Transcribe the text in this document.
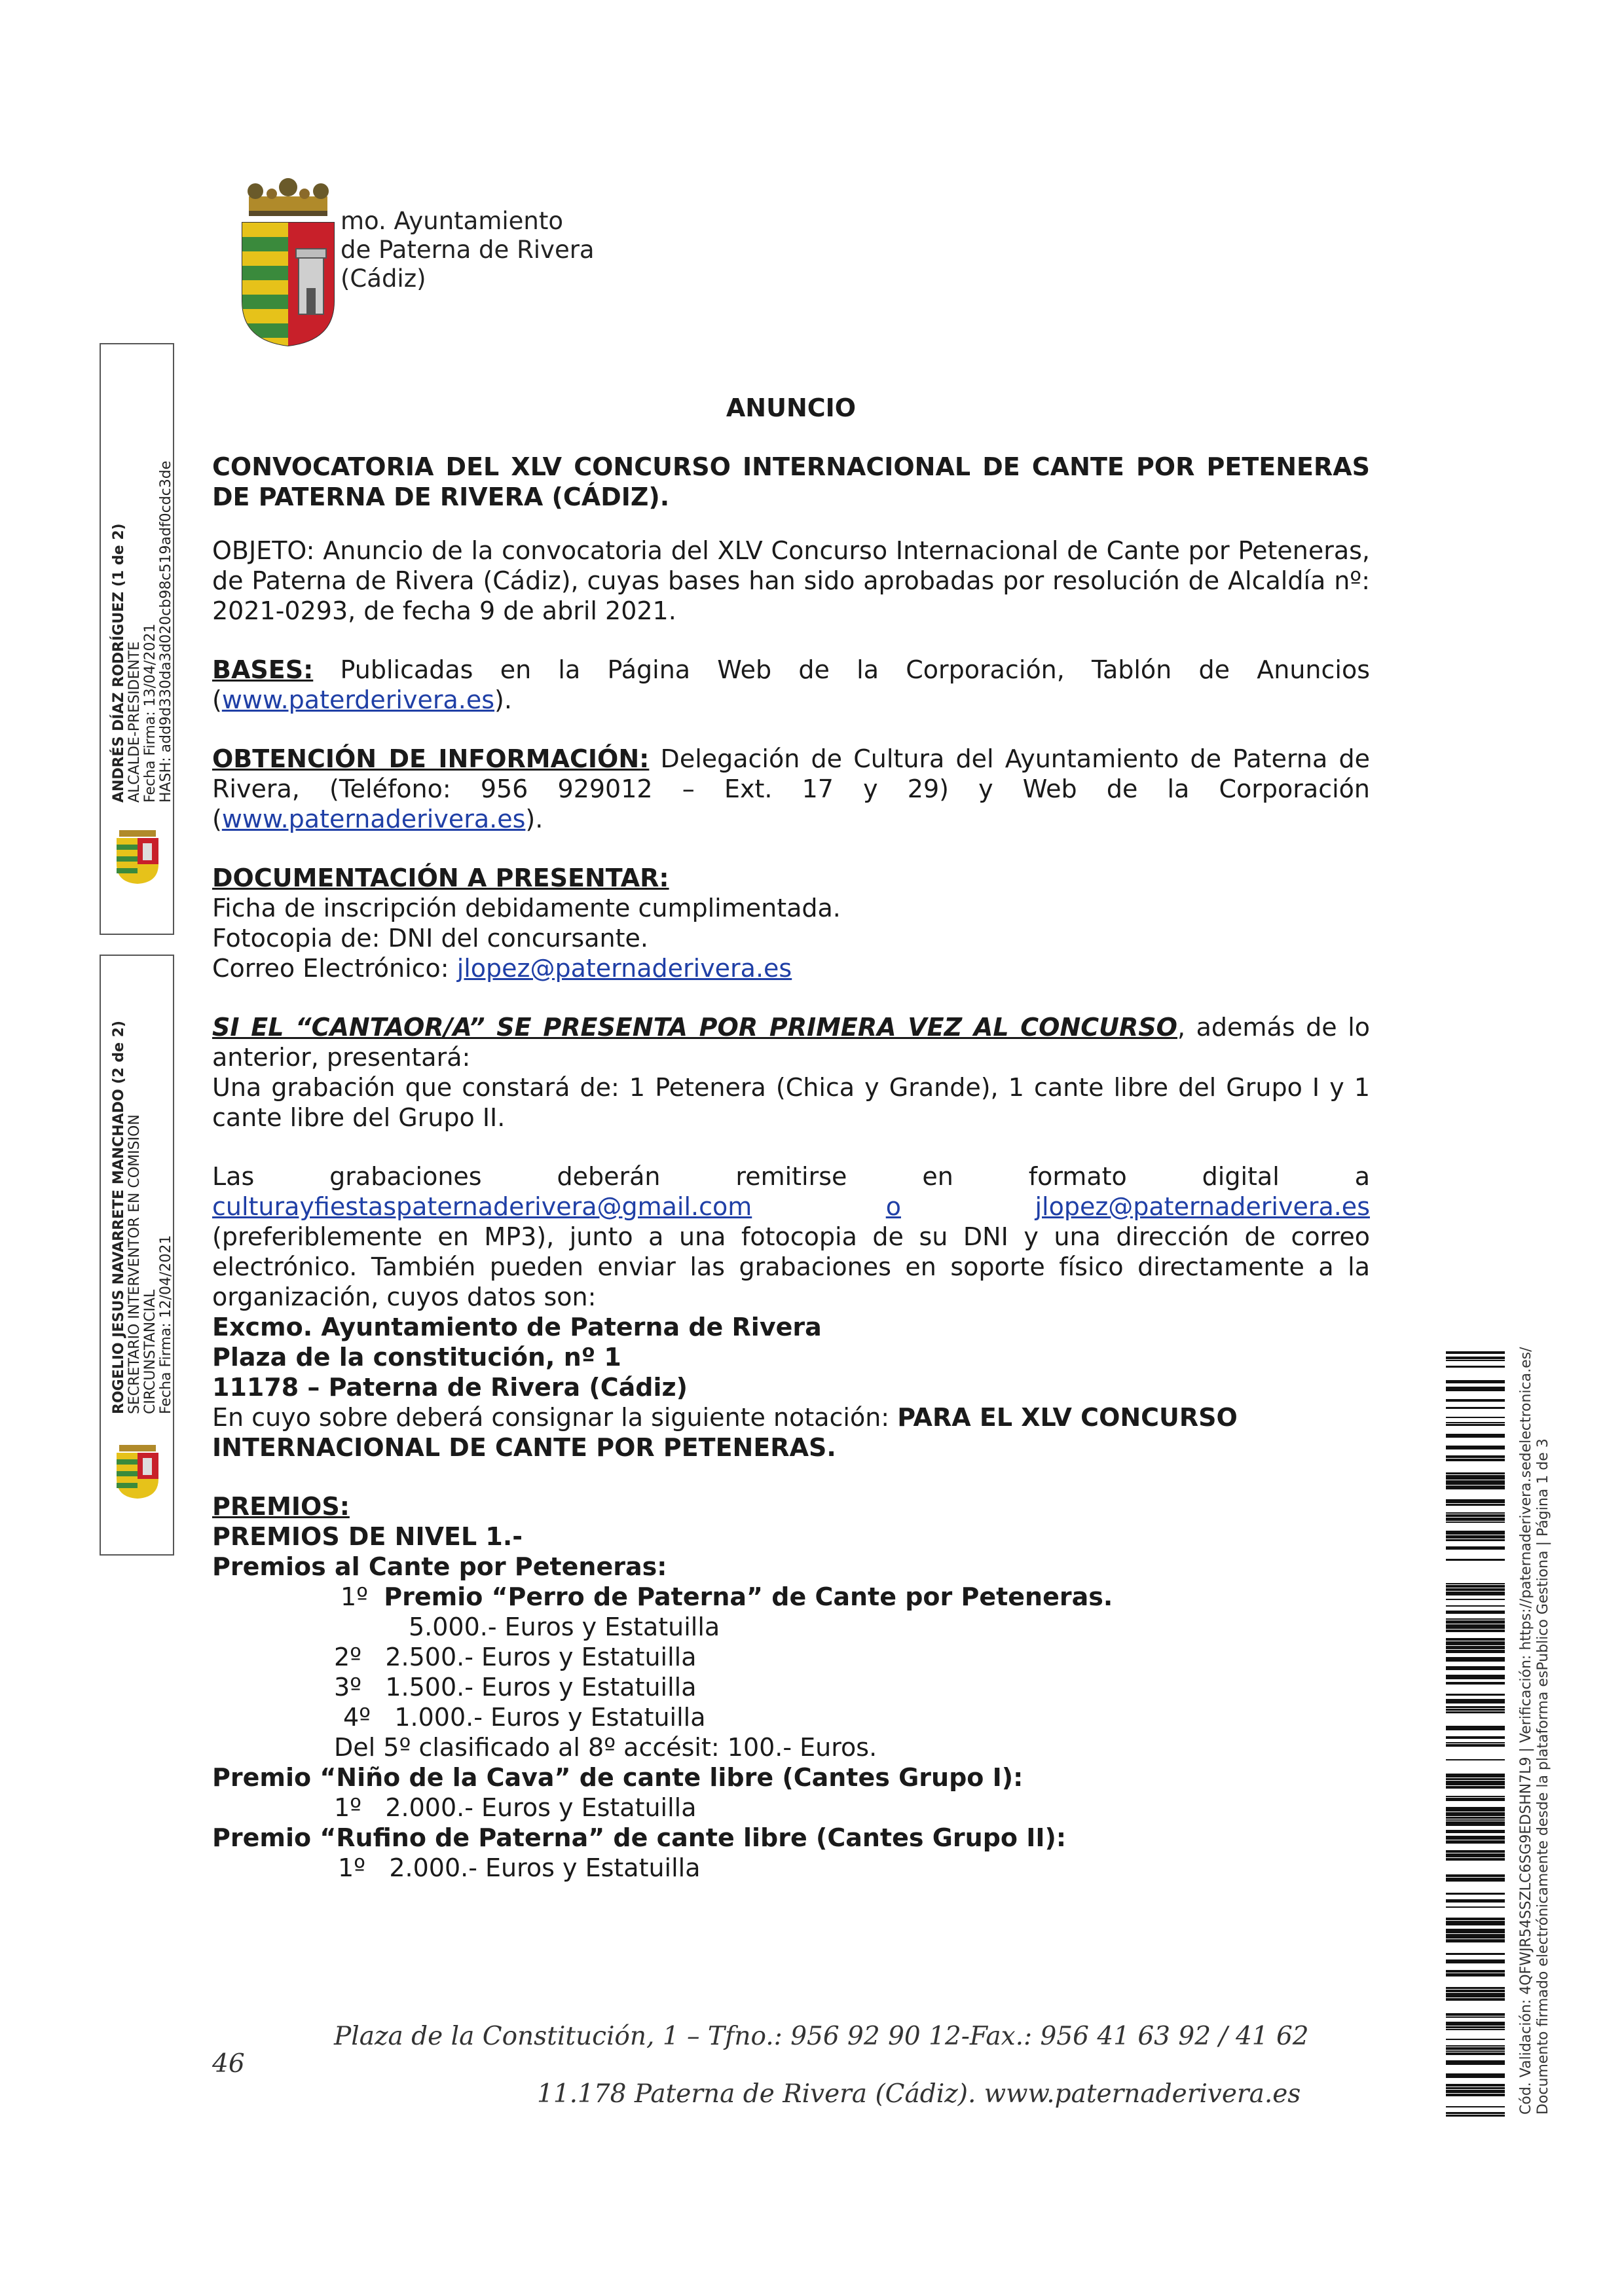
mo. Ayuntamiento
de Paterna de Rivera
(Cádiz)
ANDRÉS DÍAZ RODRÍGUEZ (1 de 2) ALCALDE-PRESIDENTE Fecha Firma: 13/04/2021 HASH: add9d330da3d020cb98c519adf0cdc3de
ROGELIO JESUS NAVARRETE MANCHADO (2 de 2) SECRETARIO INTERVENTOR EN COMISION CIRCUNSTANCIAL Fecha Firma: 12/04/2021

ANUNCIO

CONVOCATORIA DEL XLV CONCURSO INTERNACIONAL DE CANTE POR PETENERAS DE PATERNA DE RIVERA (CÁDIZ).

OBJETO: Anuncio de la convocatoria del XLV Concurso Internacional de Cante por Peteneras, de Paterna de Rivera (Cádiz), cuyas bases han sido aprobadas por resolución de Alcaldía nº: 2021-0293, de fecha 9 de abril 2021.

BASES: Publicadas en la Página Web de la Corporación, Tablón de Anuncios (www.paterderivera.es).

OBTENCIÓN DE INFORMACIÓN: Delegación de Cultura del Ayuntamiento de Paterna de Rivera, (Teléfono: 956 929012 – Ext. 17 y 29) y Web de la Corporación (www.paternaderivera.es).

DOCUMENTACIÓN A PRESENTAR:

Ficha de inscripción debidamente cumplimentada.

Fotocopia de: DNI del concursante.

Correo Electrónico: jlopez@paternaderivera.es

SI EL “CANTAOR/A” SE PRESENTA POR PRIMERA VEZ AL CONCURSO, además de lo anterior, presentará:

Una grabación que constará de: 1 Petenera (Chica y Grande), 1 cante libre del Grupo I y 1 cante libre del Grupo II.

Las grabaciones deberán remitirse en formato digital a

culturayfiestaspaternaderivera@gmail.com	o	jlopez@paternaderivera.es

(preferiblemente en MP3), junto a una fotocopia de su DNI y una dirección de correo electrónico. También pueden enviar las grabaciones en soporte físico directamente a la organización, cuyos datos son:

Excmo. Ayuntamiento de Paterna de Rivera

Plaza de la constitución, nº 1

11178 – Paterna de Rivera (Cádiz)

En cuyo sobre deberá consignar la siguiente notación: PARA EL XLV CONCURSO INTERNACIONAL DE CANTE POR PETENERAS.

PREMIOS:

PREMIOS DE NIVEL 1.-

Premios al Cante por Peteneras:

1º Premio “Perro de Paterna” de Cante por Peteneras.

5.000.- Euros y Estatuilla

2º 2.500.- Euros y Estatuilla

3º 1.500.- Euros y Estatuilla

4º 1.000.- Euros y Estatuilla

Del 5º clasificado al 8º accésit: 100.- Euros.

Premio “Niño de la Cava” de cante libre (Cantes Grupo I):

1º 2.000.- Euros y Estatuilla

Premio “Rufino de Paterna” de cante libre (Cantes Grupo II):

1º 2.000.- Euros y Estatuilla

Plaza de la Constitución, 1 – Tfno.: 956 92 90 12-Fax.: 956 41 63 92 / 41 62
46
11.178 Paterna de Rivera (Cádiz). www.paternaderivera.es	Cód. Validación: 4QFWJR54SSZLC6SG9EDSHN7L9 | Verificación: https://paternaderivera.sedelectronica.es/ Documento firmado electrónicamente desde la plataforma esPublico Gestiona | Página 1 de 3
